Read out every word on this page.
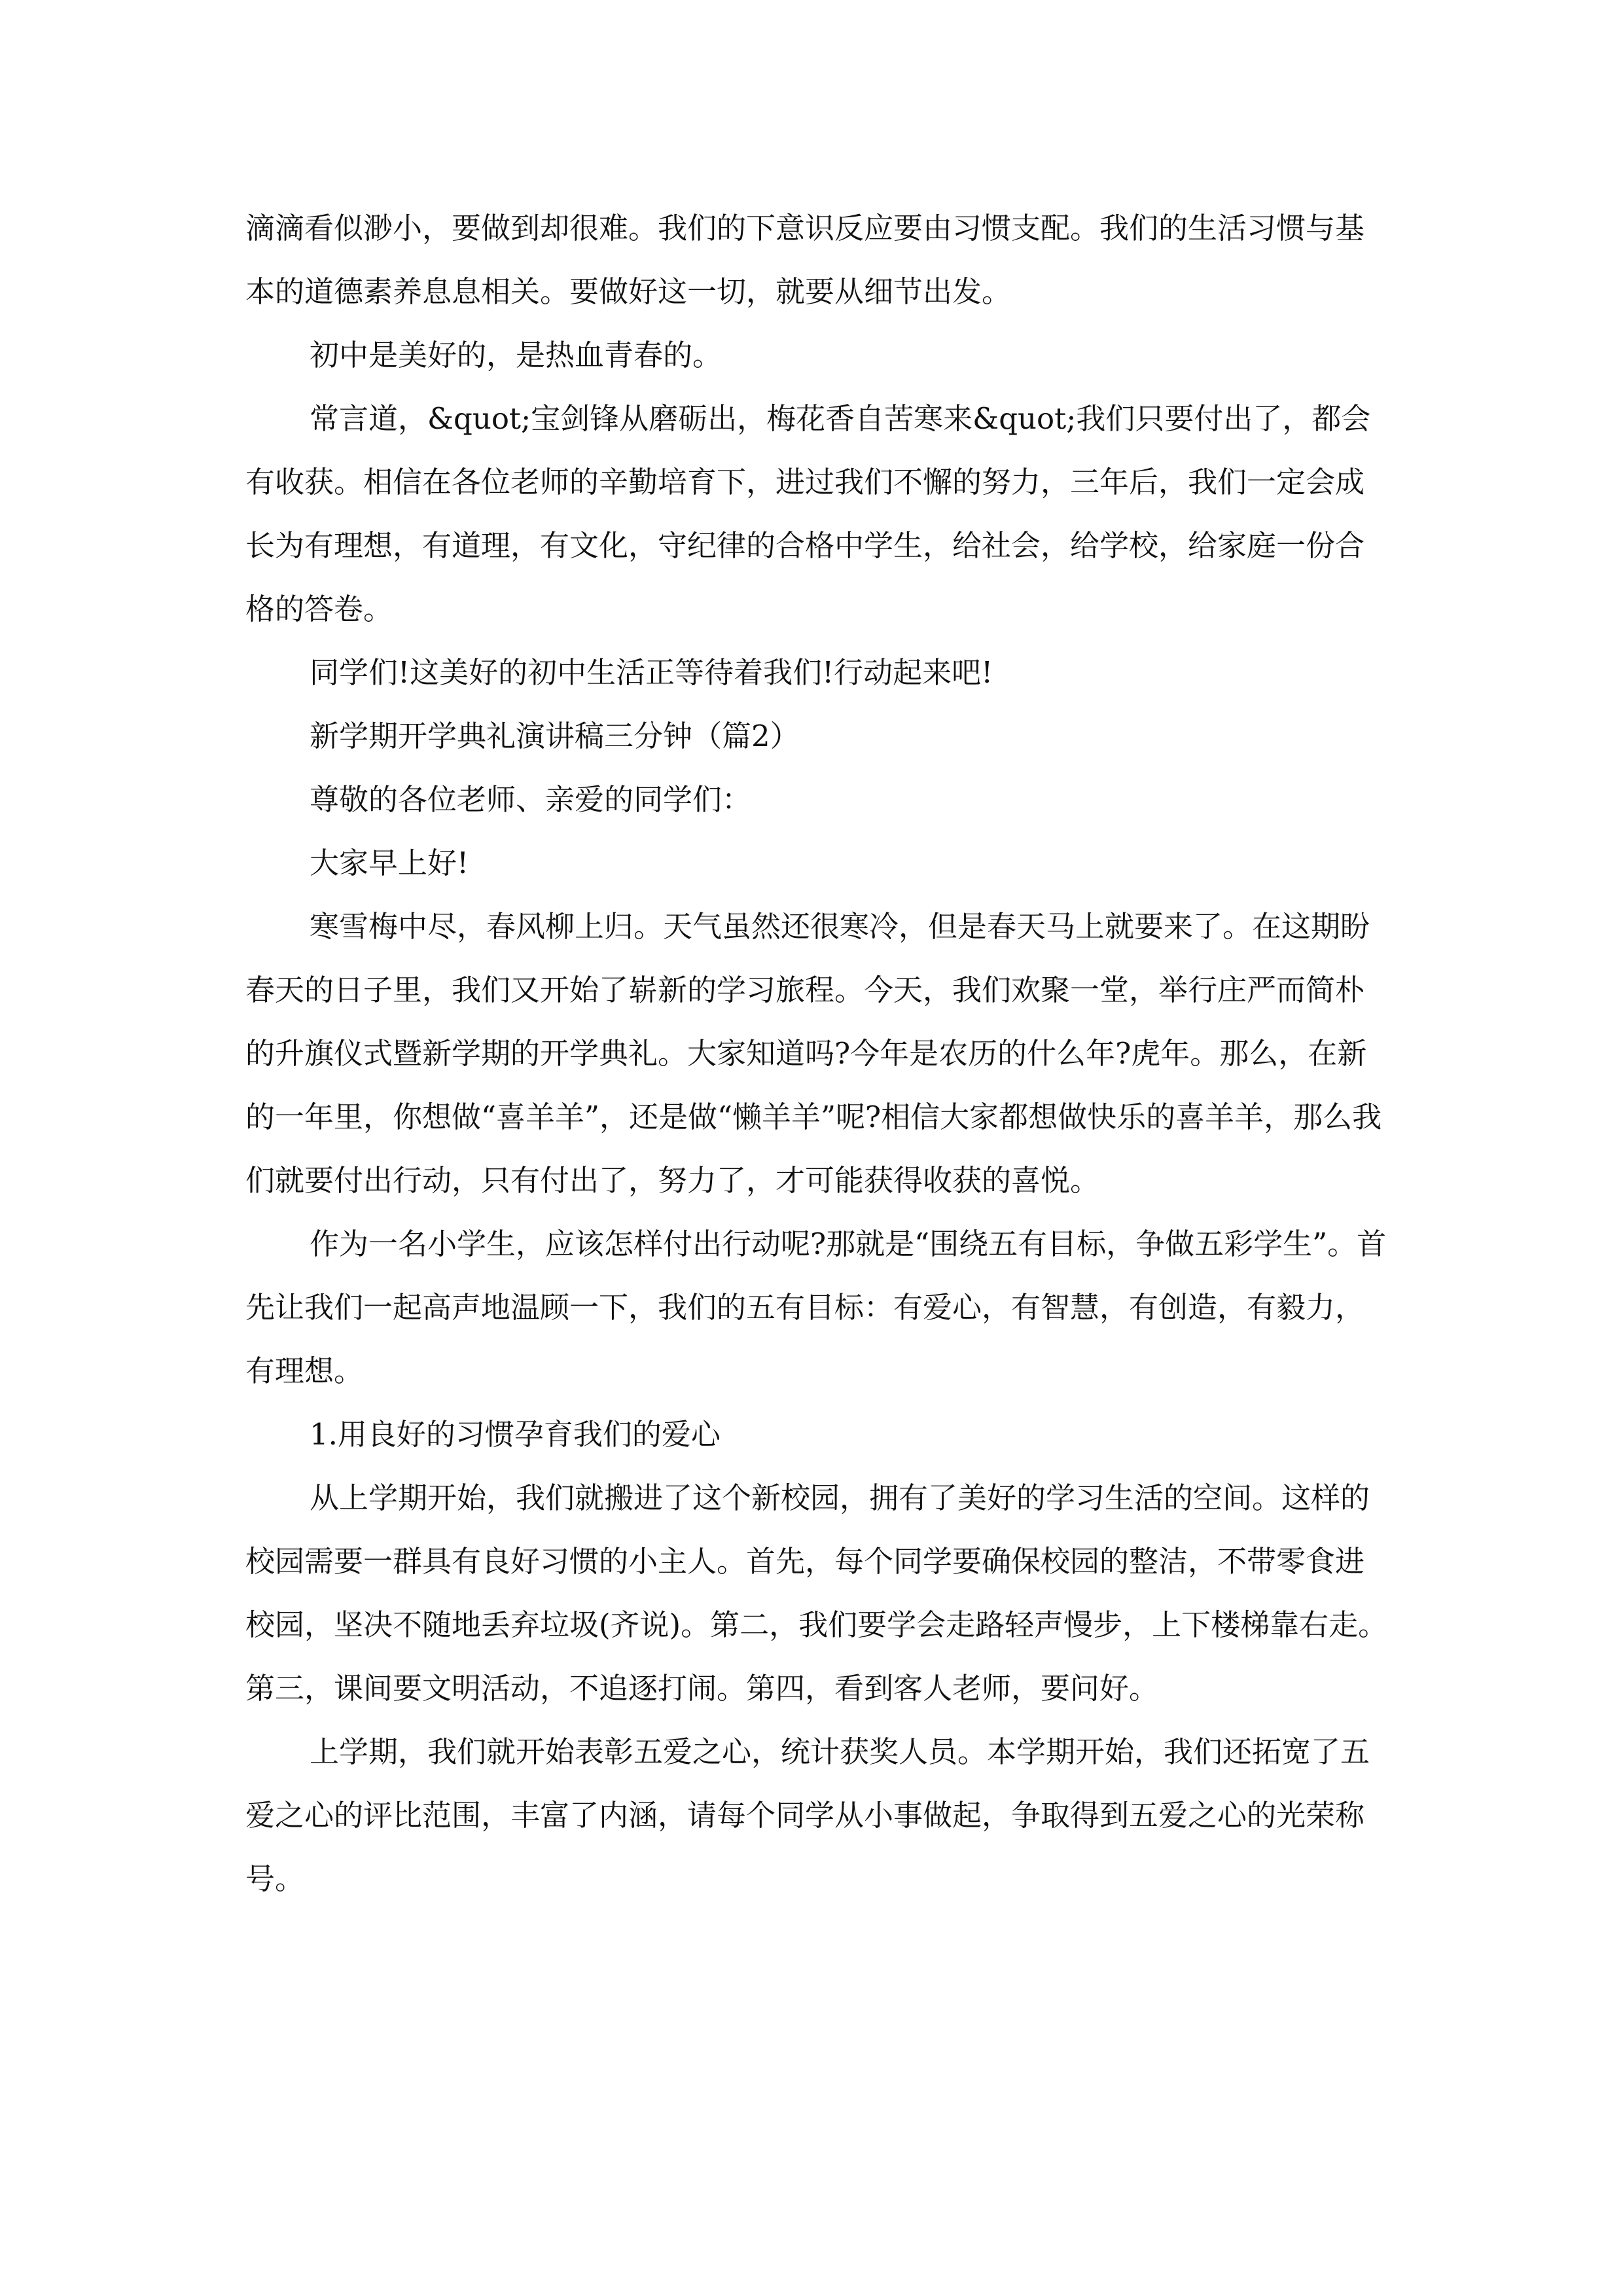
滴滴看似渺小，要做到却很难。我们的下意识反应要由习惯支配。我们的生活习惯与基本的道德素养息息相关。要做好这一切，就要从细节出发。

初中是美好的，是热血青春的。

常言道，&quot;宝剑锋从磨砺出，梅花香自苦寒来&quot;我们只要付出了，都会有收获。相信在各位老师的辛勤培育下，进过我们不懈的努力，三年后，我们一定会成长为有理想，有道理，有文化，守纪律的合格中学生，给社会，给学校，给家庭一份合格的答卷。

同学们!这美好的初中生活正等待着我们!行动起来吧!

新学期开学典礼演讲稿三分钟（篇2）

尊敬的各位老师、亲爱的同学们：

大家早上好!

寒雪梅中尽，春风柳上归。天气虽然还很寒冷，但是春天马上就要来了。在这期盼春天的日子里，我们又开始了崭新的学习旅程。今天，我们欢聚一堂，举行庄严而简朴的升旗仪式暨新学期的开学典礼。大家知道吗?今年是农历的什么年?虎年。那么，在新的一年里，你想做“喜羊羊”，还是做“懒羊羊”呢?相信大家都想做快乐的喜羊羊，那么我们就要付出行动，只有付出了，努力了，才可能获得收获的喜悦。

作为一名小学生，应该怎样付出行动呢?那就是“围绕五有目标，争做五彩学生”。首先让我们一起高声地温顾一下，我们的五有目标：有爱心，有智慧，有创造，有毅力，有理想。

1.用良好的习惯孕育我们的爱心

从上学期开始，我们就搬进了这个新校园，拥有了美好的学习生活的空间。这样的校园需要一群具有良好习惯的小主人。首先，每个同学要确保校园的整洁，不带零食进校园，坚决不随地丢弃垃圾(齐说)。第二，我们要学会走路轻声慢步，上下楼梯靠右走。第三，课间要文明活动，不追逐打闹。第四，看到客人老师，要问好。

上学期，我们就开始表彰五爱之心，统计获奖人员。本学期开始，我们还拓宽了五爱之心的评比范围，丰富了内涵，请每个同学从小事做起，争取得到五爱之心的光荣称号。
